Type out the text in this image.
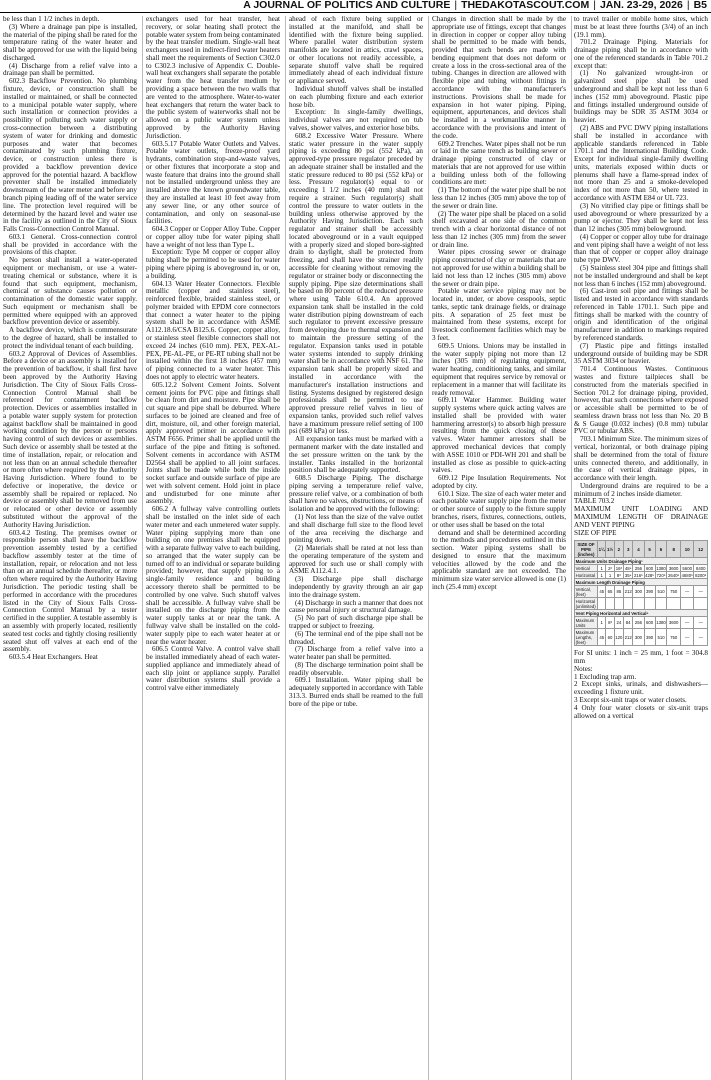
A JOURNAL OF POLITICS AND CULTURE | THEDAKOTASCOUT.COM | JAN. 23-29, 2026 | B5

be less than 1 1/2 inches in depth.

(3) Where a drainage pan pipe is installed, the material of the piping shall be rated for the temperature rating of the water heater and shall be approved for use with the liquid being discharged.

(4) Discharge from a relief valve into a drainage pan shall be permitted.

602.3 Backflow Prevention. No plumbing fixture, device, or construction shall be installed or maintained, or shall be connected to a municipal potable water supply, where such installation or connection provides a possibility of polluting such water supply or cross-connection between a distributing system of water for drinking and domestic purposes and water that becomes contaminated by such plumbing fixture, device, or construction unless there is provided a backflow prevention device approved for the potential hazard. A backflow preventer shall be installed immediately downstream of the water meter and before any branch piping leading off of the water service line. The protection level required will be determined by the hazard level and water use in the facility as outlined in the City of Sioux Falls Cross-Connection Control Manual.

603.1 General. Cross-connection control shall be provided in accordance with the provisions of this chapter.

No person shall install a water-operated equipment or mechanism, or use a water-treating chemical or substance, where it is found that such equipment, mechanism, chemical or substance causes pollution or contamination of the domestic water supply. Such equipment or mechanism shall be permitted where equipped with an approved backflow prevention device or assembly.

A backflow device, which is commensurate to the degree of hazard, shall be installed to protect the individual tenant of each building.

603.2 Approval of Devices of Assemblies. Before a device or an assembly is installed for the prevention of backflow, it shall first have been approved by the Authority Having Jurisdiction. The City of Sioux Falls Cross-Connection Control Manual shall be referenced for containment backflow protection. Devices or assemblies installed in a potable water supply system for protection against backflow shall be maintained in good working condition by the person or persons having control of such devices or assemblies. Such device or assembly shall be tested at the time of installation, repair, or relocation and not less than on an annual schedule thereafter or more often where required by the Authority Having Jurisdiction. Where found to be defective or inoperative, the device or assembly shall be repaired or replaced. No device or assembly shall be removed from use or relocated or other device or assembly substituted without the approval of the Authority Having Jurisdiction.

603.4.2 Testing. The premises owner or responsible person shall have the backflow prevention assembly tested by a certified backflow assembly tester at the time of installation, repair, or relocation and not less than on an annual schedule thereafter, or more often where required by the Authority Having Jurisdiction. The periodic testing shall be performed in accordance with the procedures listed in the City of Sioux Falls Cross-Connection Control Manual by a tester certified in the supplier. A testable assembly is an assembly with properly located, resiliently seated test cocks and tightly closing resiliently seated shut off valves at each end of the assembly.

603.5.4 Heat Exchangers. Heat

exchangers used for heat transfer, heat recovery, or solar heating shall protect the potable water system from being contaminated by the heat transfer medium. Single-wall heat exchangers used in indirect-fired water heaters shall meet the requirements of Section C302.0 to C302.3 inclusive of Appendix C. Double-wall heat exchangers shall separate the potable water from the heat transfer medium by providing a space between the two walls that are vented to the atmosphere. Water-to-water heat exchangers that return the water back to the public system of waterworks shall not be allowed on a public water system unless approved by the Authority Having Jurisdiction.

603.5.17 Potable Water Outlets and Valves. Potable water outlets, freeze-proof yard hydrants, combination stop-and-waste valves, or other fixtures that incorporate a stop and waste feature that drains into the ground shall not be installed underground unless they are installed above the known groundwater table, they are installed at least 10 feet away from any sewer line, or any other source of contamination, and only on seasonal-use facilities.

604.3 Copper or Copper Alloy Tube. Copper or copper alloy tube for water piping shall have a weight of not less than Type L.

Exception: Type M copper or copper alloy tubing shall be permitted to be used for water piping where piping is aboveground in, or on, a building.

604.13 Water Heater Connectors. Flexible metallic (copper and stainless steel), reinforced flexible, braided stainless steel, or polymer braided with EPDM core connectors that connect a water heater to the piping system shall be in accordance with ASME A112.18.6/CSA B125.6. Copper, copper alloy, or stainless steel flexible connectors shall not exceed 24 inches (610 mm). PEX, PEX-AL-PEX, PE-AL-PE, or PE-RT tubing shall not be installed within the first 18 inches (457 mm) of piping connected to a water heater. This does not apply to electric water heaters.

605.12.2 Solvent Cement Joints. Solvent cement joints for PVC pipe and fittings shall be clean from dirt and moisture. Pipe shall be cut square and pipe shall be deburred. Where surfaces to be joined are cleaned and free of dirt, moisture, oil, and other foreign material, apply approved primer in accordance with ASTM F656. Primer shall be applied until the surface of the pipe and fitting is softened. Solvent cements in accordance with ASTM D2564 shall be applied to all joint surfaces. Joints shall be made while both the inside socket surface and outside surface of pipe are wet with solvent cement. Hold joint in place and undisturbed for one minute after assembly.

606.2 A fullway valve controlling outlets shall be installed on the inlet side of each water meter and each unmetered water supply. Water piping supplying more than one building on one premises shall be equipped with a separate fullway valve to each building, so arranged that the water supply can be turned off to an individual or separate building provided; however, that supply piping to a single-family residence and building accessory thereto shall be permitted to be controlled by one valve. Such shutoff valves shall be accessible. A fullway valve shall be installed on the discharge piping from the water supply tanks at or near the tank. A fullway valve shall be installed on the cold-water supply pipe to each water heater at or near the water heater.

606.5 Control Valve. A control valve shall be installed immediately ahead of each water-supplied appliance and immediately ahead of each slip joint or appliance supply. Parallel water distribution systems shall provide a control valve either immediately

ahead of each fixture being supplied or installed at the manifold, and shall be identified with the fixture being supplied. Where parallel water distribution system manifolds are located in attics, crawl spaces, or other locations not readily accessible, a separate shutoff valve shall be required immediately ahead of each individual fixture or appliance served.

Individual shutoff valves shall be installed on each plumbing fixture and each exterior hose bib.

Exception: In single-family dwellings, individual valves are not required on tub valves, shower valves, and exterior hose bibs.

608.2 Excessive Water Pressure. Where static water pressure in the water supply piping is exceeding 80 psi (552 kPa), an approved-type pressure regulator preceded by an adequate strainer shall be installed and the static pressure reduced to 80 psi (552 kPa) or less. Pressure regulator(s) equal to or exceeding 1 1/2 inches (40 mm) shall not require a strainer. Such regulator(s) shall control the pressure to water outlets in the building unless otherwise approved by the Authority Having Jurisdiction. Each such regulator and strainer shall be accessibly located aboveground or in a vault equipped with a properly sized and sloped bore-sighted drain to daylight, shall be protected from freezing, and shall have the strainer readily accessible for cleaning without removing the regulator or strainer body or disconnecting the supply piping. Pipe size determinations shall be based on 80 percent of the reduced pressure where using Table 610.4. An approved expansion tank shall be installed in the cold water distribution piping downstream of each such regulator to prevent excessive pressure from developing due to thermal expansion and to maintain the pressure setting of the regulator. Expansion tanks used in potable water systems intended to supply drinking water shall be in accordance with NSF 61. The expansion tank shall be properly sized and installed in accordance with the manufacturer's installation instructions and listing. Systems designed by registered design professionals shall be permitted to use approved pressure relief valves in lieu of expansion tanks, provided such relief valves have a maximum pressure relief setting of 100 psi (689 kPa) or less.

All expansion tanks must be marked with a permanent marker with the date installed and the set pressure written on the tank by the installer. Tanks installed in the horizontal position shall be adequately supported.

608.5 Discharge Piping. The discharge piping serving a temperature relief valve, pressure relief valve, or a combination of both shall have no valves, obstructions, or means of isolation and be approved with the following:

(1) Not less than the size of the valve outlet and shall discharge full size to the flood level of the area receiving the discharge and pointing down.

(2) Materials shall be rated at not less than the operating temperature of the system and approved for such use or shall comply with ASME A112.4.1.

(3) Discharge pipe shall discharge independently by gravity through an air gap into the drainage system.

(4) Discharge in such a manner that does not cause personal injury or structural damage.

(5) No part of such discharge pipe shall be trapped or subject to freezing.

(6) The terminal end of the pipe shall not be threaded.

(7) Discharge from a relief valve into a water heater pan shall be permitted.

(8) The discharge termination point shall be readily observable.

609.1 Installation. Water piping shall be adequately supported in accordance with Table 313.3. Burred ends shall be reamed to the full bore of the pipe or tube.

Changes in direction shall be made by the appropriate use of fittings, except that changes in direction in copper or copper alloy tubing shall be permitted to be made with bends, provided that such bends are made with bending equipment that does not deform or create a loss in the cross-sectional area of the tubing. Changes in direction are allowed with flexible pipe and tubing without fittings in accordance with the manufacturer's instructions. Provisions shall be made for expansion in hot water piping. Piping, equipment, appurtenances, and devices shall be installed in a workmanlike manner in accordance with the provisions and intent of the code.

609.2 Trenches. Water pipes shall not be run or laid in the same trench as building sewer or drainage piping constructed of clay or materials that are not approved for use within a building unless both of the following conditions are met:

(1) The bottom of the water pipe shall be not less than 12 inches (305 mm) above the top of the sewer or drain line.

(2) The water pipe shall be placed on a solid shelf excavated at one side of the common trench with a clear horizontal distance of not less than 12 inches (305 mm) from the sewer or drain line.

Water pipes crossing sewer or drainage piping constructed of clay or materials that are not approved for use within a building shall be laid not less than 12 inches (305 mm) above the sewer or drain pipe.

Potable water service piping may not be located in, under, or above cesspools, septic tanks, septic tank drainage fields, or drainage pits. A separation of 25 feet must be maintained from these systems, except for livestock confinement facilities which may be 3 feet.

609.5 Unions. Unions may be installed in the water supply piping not more than 12 inches (305 mm) of regulating equipment, water heating, conditioning tanks, and similar equipment that requires service by removal or replacement in a manner that will facilitate its ready removal.

609.11 Water Hammer. Building water supply systems where quick acting valves are installed shall be provided with water hammering arrestor(s) to absorb high pressure resulting from the quick closing of these valves. Water hammer arrestors shall be approved mechanical devices that comply with ASSE 1010 or PDI-WH 201 and shall be installed as close as possible to quick-acting valves.

609.12 Pipe Insulation Requirements. Not adopted by city.

610.1 Size. The size of each water meter and each potable water supply pipe from the meter or other source of supply to the fixture supply branches, risers, fixtures, connections, outlets, or other uses shall be based on the total

demand and shall be determined according to the methods and procedures outlined in this section. Water piping systems shall be designed to ensure that the maximum velocities allowed by the code and the applicable standard are not exceeded. The minimum size water service allowed is one (1) inch (25.4 mm) except

to travel trailer or mobile home sites, which must be at least three fourths (3/4) of an inch (19.1 mm).

701.2 Drainage Piping. Materials for drainage piping shall be in accordance with one of the referenced standards in Table 701.2 except that:

(1) No galvanized wrought-iron or galvanized steel pipe shall be used underground and shall be kept not less than 6 inches (152 mm) aboveground. Plastic pipe and fittings installed underground outside of buildings may be SDR 35 ASTM 3034 or heavier.

(2) ABS and PVC DWV piping installations shall be installed in accordance with applicable standards referenced in Table 1701.1 and the International Building Code. Except for individual single-family dwelling units, materials exposed within ducts or plenums shall have a flame-spread index of not more than 25 and a smoke-developed index of not more than 50, where tested in accordance with ASTM E84 or UL 723.

(3) No vitrified clay pipe or fittings shall be used aboveground or where pressurized by a pump or ejector. They shall be kept not less than 12 inches (305 mm) belowground.

(4) Copper or copper alloy tube for drainage and vent piping shall have a weight of not less than that of copper or copper alloy drainage tube type DWV.

(5) Stainless steel 304 pipe and fittings shall not be installed underground and shall be kept not less than 6 inches (152 mm) aboveground.

(6) Cast-iron soil pipe and fittings shall be listed and tested in accordance with standards referenced in Table 1701.1. Such pipe and fittings shall be marked with the country of origin and identification of the original manufacturer in addition to markings required by referenced standards.

(7) Plastic pipe and fittings installed underground outside of building may be SDR 35 ASTM 3034 or heavier.

701.4 Continuous Wastes. Continuous wastes and fixture tailpieces shall be constructed from the materials specified in Section 701.2 for drainage piping, provided, however, that such connections where exposed or accessible shall be permitted to be of seamless drawn brass not less than No. 20 B & S Gauge (0.032 inches) (0.8 mm) tubular PVC or tubular ABS.

703.1 Minimum Size. The minimum sizes of vertical, horizontal, or both drainage piping shall be determined from the total of fixture units connected thereto, and additionally, in the case of vertical drainage pipes, in accordance with their length.

Underground drains are required to be a minimum of 2 inches inside diameter.

TABLE 703.2

MAXIMUM UNIT LOADING AND MAXIMUM LENGTH OF DRAINAGE AND VENT PIPING

SIZE OF PIPE

SIZE OF PIPE (inches)	1¼	1½	2	3	4	5	6	8	10	12
Maximum Units Drainage Piping¹										
Vertical	1	2²	16³	48⁴	256	600	1380	3600	5600	8400
Horizontal	1	1	8³	35⁴	216⁵	428⁵	720⁵	2640⁵	4680⁵	8200⁵
Maximum Length Drainage Piping										
Vertical, (feet)	45	65	85	212	300	390	510	750	—	—
Horizontal (unlimited)										
Vent Piping Horizontal and Vertical⁶										
Maximum Units	1	8³	24	84	256	600	1380	3600	—	—
Maximum Lengths, (feet)	45	60	120	212	300	390	510	750	—	—

For SI units: 1 inch = 25 mm, 1 foot = 304.8 mm

Notes:

1 Excluding trap arm.

2 Except sinks, urinals, and dishwashers—exceeding 1 fixture unit.

3 Except six-unit traps or water closets.

4 Only four water closets or six-unit traps allowed on a vertical
